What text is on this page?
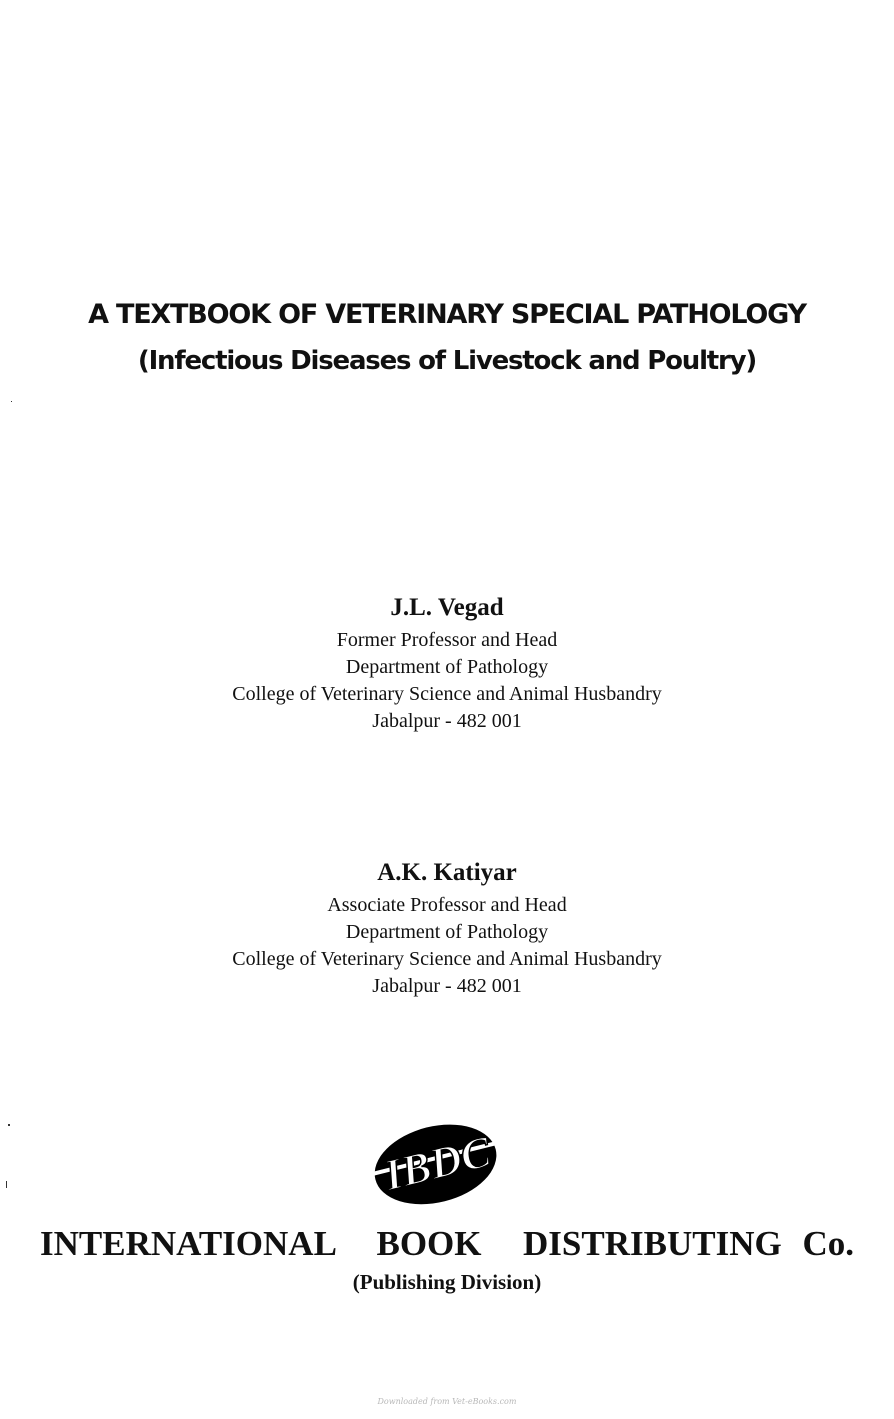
A TEXTBOOK OF VETERINARY SPECIAL PATHOLOGY
(Infectious Diseases of Livestock and Poultry)
J.L. Vegad
Former Professor and Head
Department of Pathology
College of Veterinary Science and Animal Husbandry
Jabalpur - 482 001
A.K. Katiyar
Associate Professor and Head
Department of Pathology
College of Veterinary Science and Animal Husbandry
Jabalpur - 482 001
IBDC
INTERNATIONAL  BOOK  DISTRIBUTING Co.
(Publishing Division)
Downloaded from Vet-eBooks.com
